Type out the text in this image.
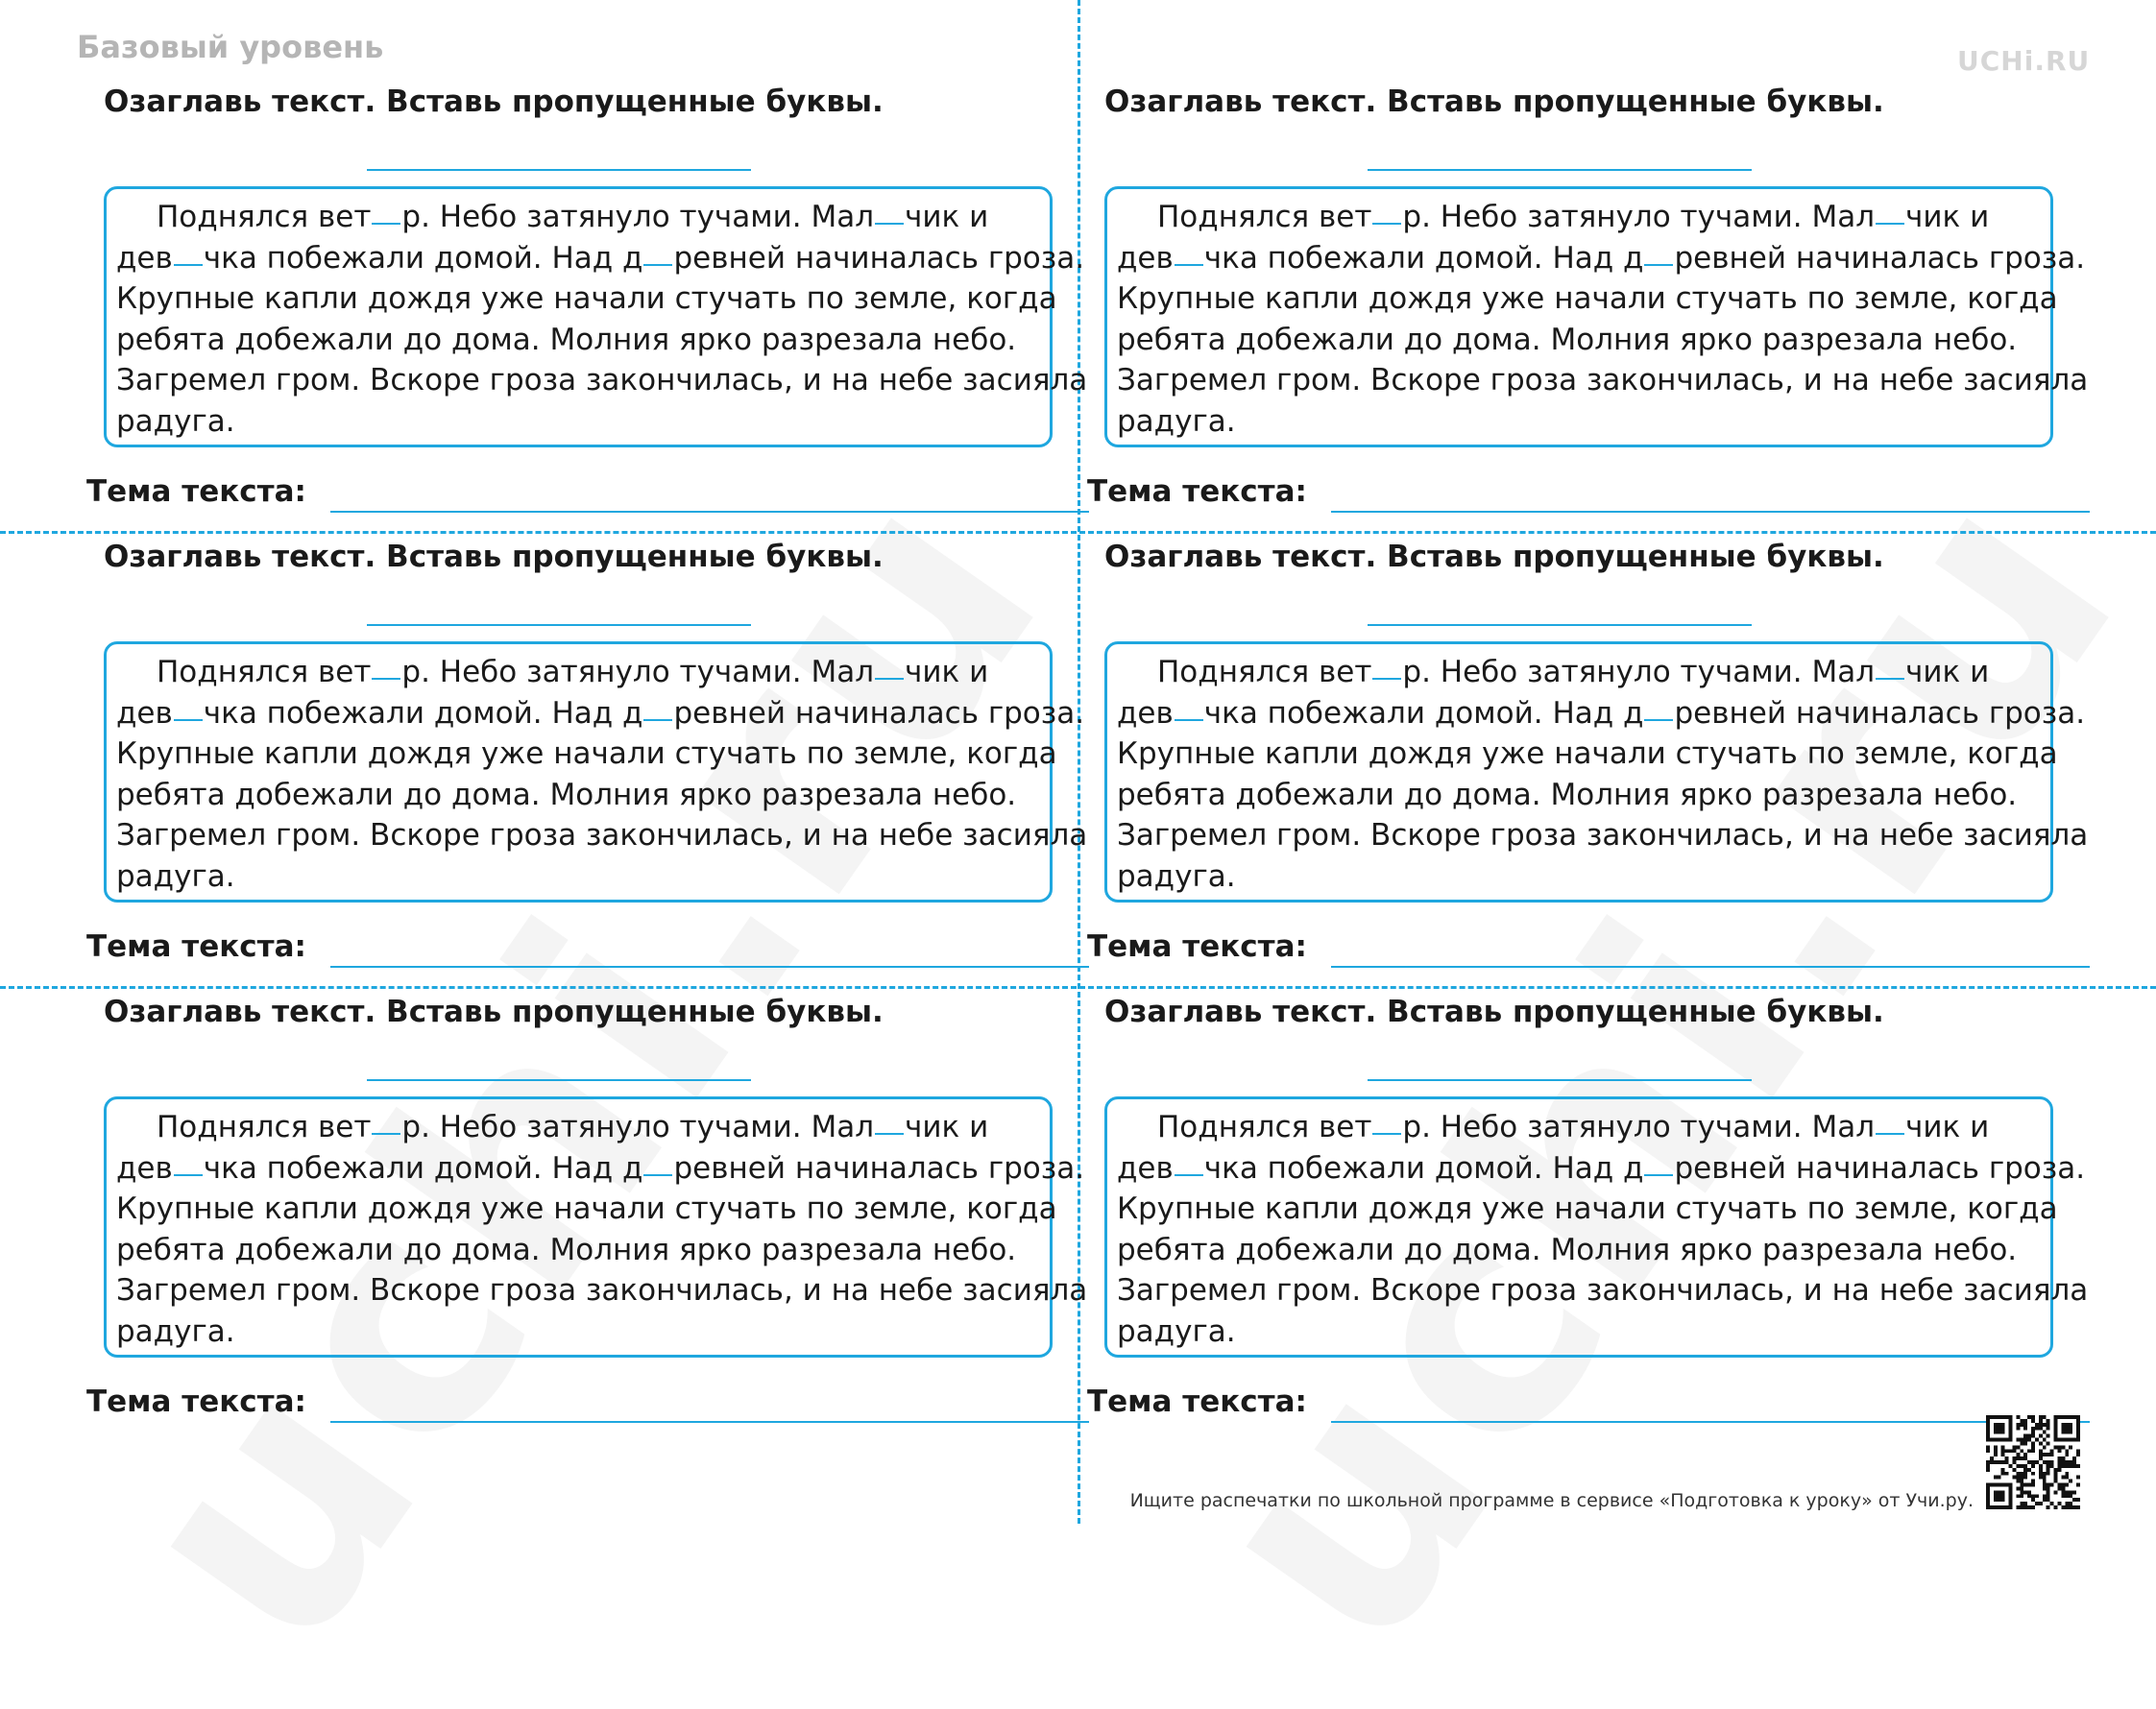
Базовый уровень	UCHi.RU
Озаглавь текст. Вставь пропущенные буквы.
Поднялся вет р. Небо затянуло тучами. Мал чик и
дев чка побежали домой. Над д ревней начиналась гроза.
Крупные капли дождя уже начали стучать по земле, когда
ребята добежали до дома. Молния ярко разрезала небо.
Загремел гром. Вскоре гроза закончилась, и на небе засияла
радуга.
Тема текста:
Озаглавь текст. Вставь пропущенные буквы.
Поднялся вет р. Небо затянуло тучами. Мал чик и
дев чка побежали домой. Над д ревней начиналась гроза.
Крупные капли дождя уже начали стучать по земле, когда
ребята добежали до дома. Молния ярко разрезала небо.
Загремел гром. Вскоре гроза закончилась, и на небе засияла
радуга.
Тема текста:
Озаглавь текст. Вставь пропущенные буквы.
Поднялся вет р. Небо затянуло тучами. Мал чик и
дев чка побежали домой. Над д ревней начиналась гроза.
Крупные капли дождя уже начали стучать по земле, когда
ребята добежали до дома. Молния ярко разрезала небо.
Загремел гром. Вскоре гроза закончилась, и на небе засияла
радуга.
Тема текста:
Озаглавь текст. Вставь пропущенные буквы.
Поднялся вет р. Небо затянуло тучами. Мал чик и
дев чка побежали домой. Над д ревней начиналась гроза.
Крупные капли дождя уже начали стучать по земле, когда
ребята добежали до дома. Молния ярко разрезала небо.
Загремел гром. Вскоре гроза закончилась, и на небе засияла
радуга.
Тема текста:
Озаглавь текст. Вставь пропущенные буквы.
Поднялся вет р. Небо затянуло тучами. Мал чик и
дев чка побежали домой. Над д ревней начиналась гроза.
Крупные капли дождя уже начали стучать по земле, когда
ребята добежали до дома. Молния ярко разрезала небо.
Загремел гром. Вскоре гроза закончилась, и на небе засияла
радуга.
Тема текста:
Озаглавь текст. Вставь пропущенные буквы.
Поднялся вет р. Небо затянуло тучами. Мал чик и
дев чка побежали домой. Над д ревней начиналась гроза.
Крупные капли дождя уже начали стучать по земле, когда
ребята добежали до дома. Молния ярко разрезала небо.
Загремел гром. Вскоре гроза закончилась, и на небе засияла
радуга.
Тема текста:
Ищите распечатки по школьной программе в сервисе «Подготовка к уроку» от Учи.ру.
